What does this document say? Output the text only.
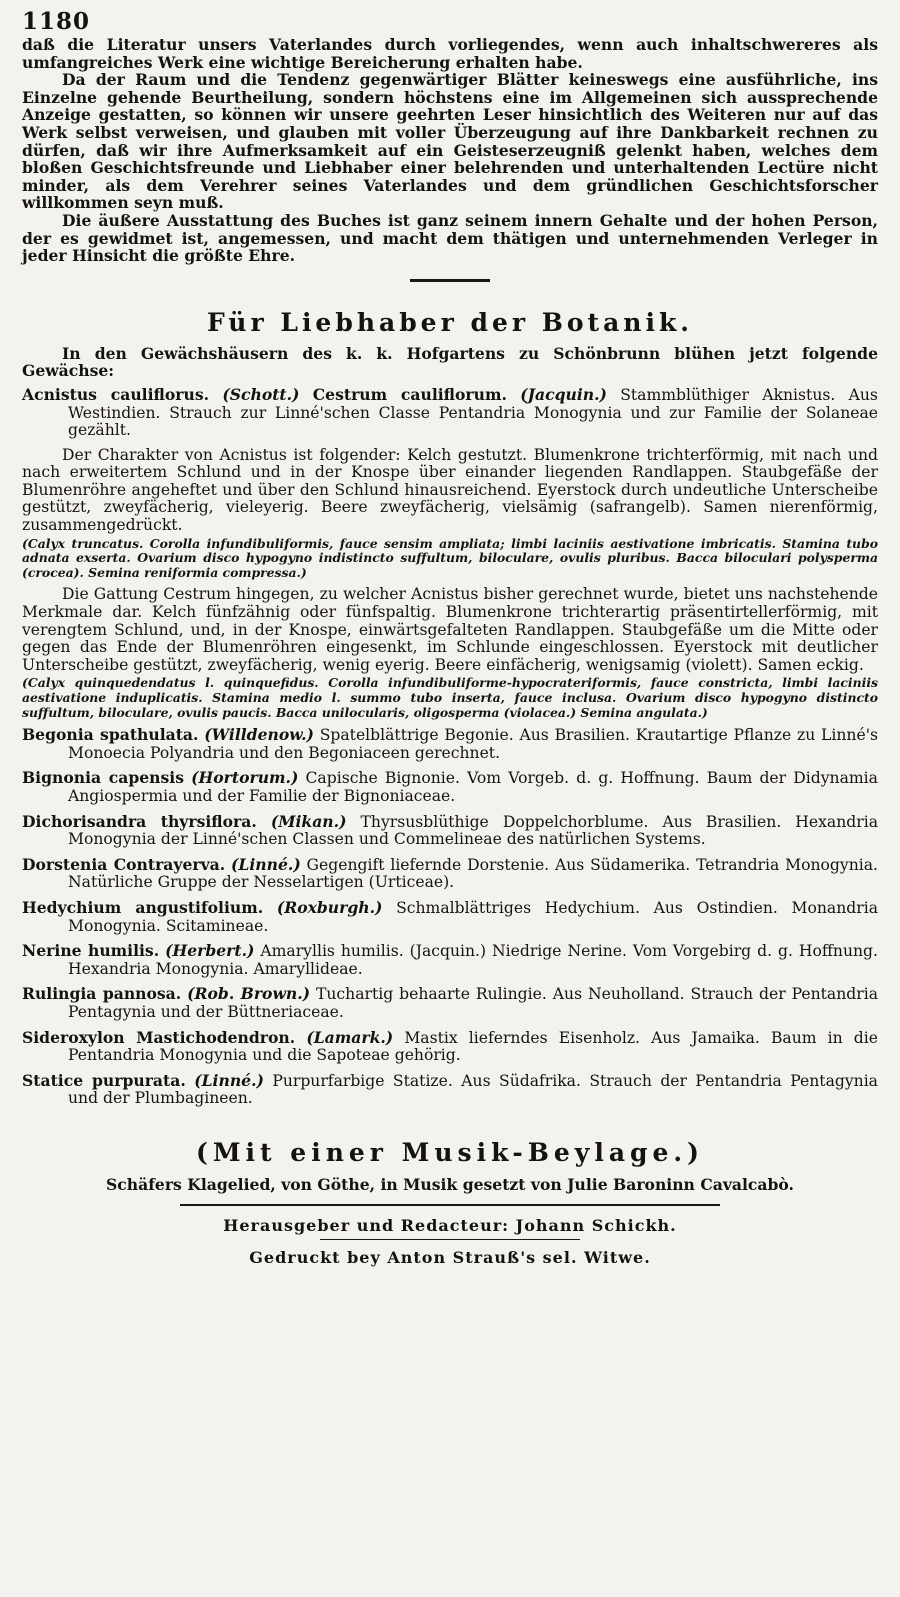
1180

daß die Literatur unsers Vaterlandes durch vorliegendes, wenn auch inhaltschwereres als umfangreiches Werk eine wichtige Bereicherung erhalten habe.

Da der Raum und die Tendenz gegenwärtiger Blätter keineswegs eine ausführliche, ins Einzelne gehende Beurtheilung, sondern höchstens eine im Allgemeinen sich aussprechende Anzeige gestatten, so können wir unsere geehrten Leser hinsichtlich des Weiteren nur auf das Werk selbst verweisen, und glauben mit voller Überzeugung auf ihre Dankbarkeit rechnen zu dürfen, daß wir ihre Aufmerksamkeit auf ein Geisteserzeugniß gelenkt haben, welches dem bloßen Geschichtsfreunde und Liebhaber einer belehrenden und unterhaltenden Lectüre nicht minder, als dem Verehrer seines Vaterlandes und dem gründlichen Geschichtsforscher willkommen seyn muß.

Die äußere Ausstattung des Buches ist ganz seinem innern Gehalte und der hohen Person, der es gewidmet ist, angemessen, und macht dem thätigen und unternehmenden Verleger in jeder Hinsicht die größte Ehre.

Für Liebhaber der Botanik.

In den Gewächshäusern des k. k. Hofgartens zu Schönbrunn blühen jetzt folgende Gewächse:

Acnistus cauliflorus. (Schott.) Cestrum cauliflorum. (Jacquin.) Stammblüthiger Aknistus. Aus Westindien. Strauch zur Linné'schen Classe Pentandria Monogynia und zur Familie der Solaneae gezählt.

Der Charakter von Acnistus ist folgender: Kelch gestutzt. Blumenkrone trichterförmig, mit nach und nach erweitertem Schlund und in der Knospe über einander liegenden Randlappen. Staubgefäße der Blumenröhre angeheftet und über den Schlund hinausreichend. Eyerstock durch undeutliche Unterscheibe gestützt, zweyfächerig, vieleyerig. Beere zweyfächerig, vielsämig (safrangelb). Samen nierenförmig, zusammengedrückt.

(Calyx truncatus. Corolla infundibuliformis, fauce sensim ampliata; limbi laciniis aestivatione imbricatis. Stamina tubo adnata exserta. Ovarium disco hypogyno indistincto suffultum, biloculare, ovulis pluribus. Bacca biloculari polysperma (crocea). Semina reniformia compressa.)

Die Gattung Cestrum hingegen, zu welcher Acnistus bisher gerechnet wurde, bietet uns nachstehende Merkmale dar. Kelch fünfzähnig oder fünfspaltig. Blumenkrone trichterartig präsentirtellerförmig, mit verengtem Schlund, und, in der Knospe, einwärtsgefalteten Randlappen. Staubgefäße um die Mitte oder gegen das Ende der Blumenröhren eingesenkt, im Schlunde eingeschlossen. Eyerstock mit deutlicher Unterscheibe gestützt, zweyfächerig, wenig eyerig. Beere einfächerig, wenigsamig (violett). Samen eckig.

(Calyx quinquedendatus l. quinquefidus. Corolla infundibuliforme-hypocrateriformis, fauce constricta, limbi laciniis aestivatione induplicatis. Stamina medio l. summo tubo inserta, fauce inclusa. Ovarium disco hypogyno distincto suffultum, biloculare, ovulis paucis. Bacca unilocularis, oligosperma (violacea.) Semina angulata.)

Begonia spathulata. (Willdenow.) Spatelblättrige Begonie. Aus Brasilien. Krautartige Pflanze zu Linné's Monoecia Polyandria und den Begoniaceen gerechnet.

Bignonia capensis (Hortorum.) Capische Bignonie. Vom Vorgeb. d. g. Hoffnung. Baum der Didynamia Angiospermia und der Familie der Bignoniaceae.

Dichorisandra thyrsiflora. (Mikan.) Thyrsusblüthige Doppelchorblume. Aus Brasilien. Hexandria Monogynia der Linné'schen Classen und Commelineae des natürlichen Systems.

Dorstenia Contrayerva. (Linné.) Gegengift liefernde Dorstenie. Aus Südamerika. Tetrandria Monogynia. Natürliche Gruppe der Nesselartigen (Urticeae).

Hedychium angustifolium. (Roxburgh.) Schmalblättriges Hedychium. Aus Ostindien. Monandria Monogynia. Scitamineae.

Nerine humilis. (Herbert.) Amaryllis humilis. (Jacquin.) Niedrige Nerine. Vom Vorgebirg d. g. Hoffnung. Hexandria Monogynia. Amaryllideae.

Rulingia pannosa. (Rob. Brown.) Tuchartig behaarte Rulingie. Aus Neuholland. Strauch der Pentandria Pentagynia und der Büttneriaceae.

Sideroxylon Mastichodendron. (Lamark.) Mastix lieferndes Eisenholz. Aus Jamaika. Baum in die Pentandria Monogynia und die Sapoteae gehörig.

Statice purpurata. (Linné.) Purpurfarbige Statize. Aus Südafrika. Strauch der Pentandria Pentagynia und der Plumbagineen.

(Mit einer Musik-Beylage.)

Schäfers Klagelied, von Göthe, in Musik gesetzt von Julie Baroninn Cavalcabò.

Herausgeber und Redacteur: Johann Schickh.

Gedruckt bey Anton Strauß's sel. Witwe.
